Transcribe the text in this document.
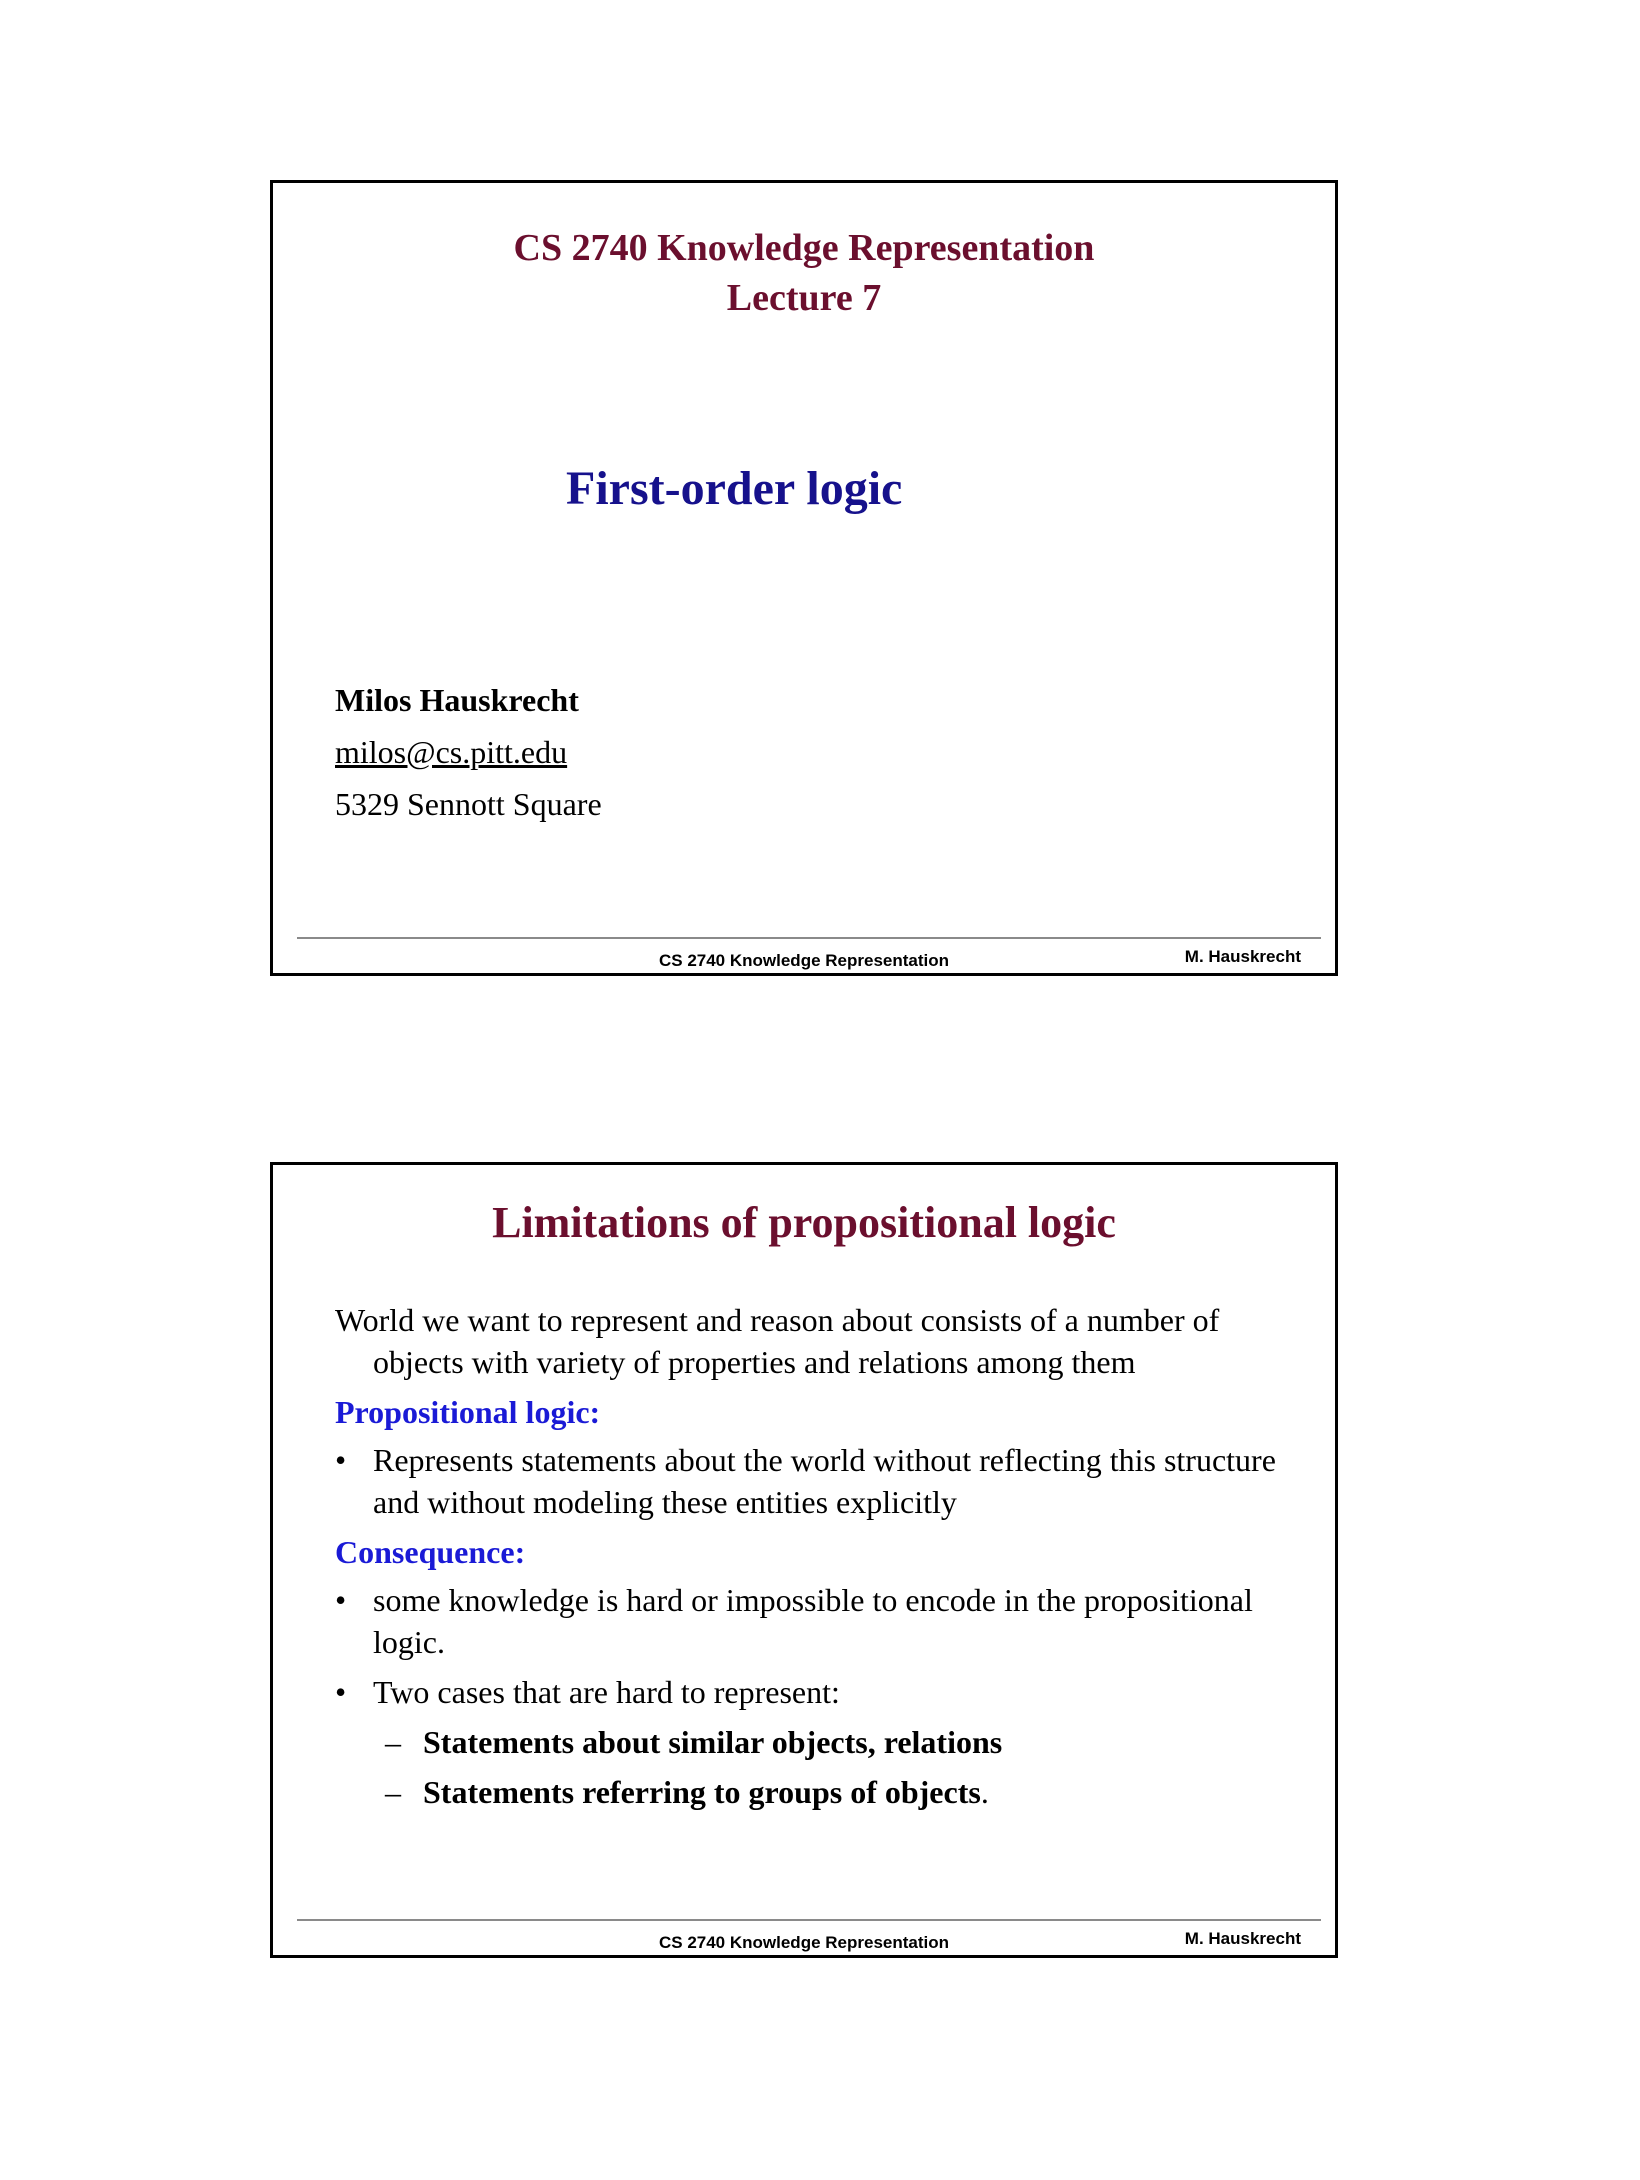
CS 2740 Knowledge Representation
Lecture 7
First-order logic
Milos Hauskrecht
milos@cs.pitt.edu
5329 Sennott Square
CS 2740 Knowledge Representation	M. Hauskrecht
Limitations of propositional logic

World we want to represent and reason about consists of a number of objects with variety of properties and relations among them

Propositional logic:
• Represents statements about the world without reflecting this structure and without modeling these entities explicitly
Consequence:
• some knowledge is hard or impossible to encode in the propositional logic.
• Two cases that are hard to represent:
– Statements about similar objects, relations
– Statements referring to groups of objects.
CS 2740 Knowledge Representation	M. Hauskrecht
